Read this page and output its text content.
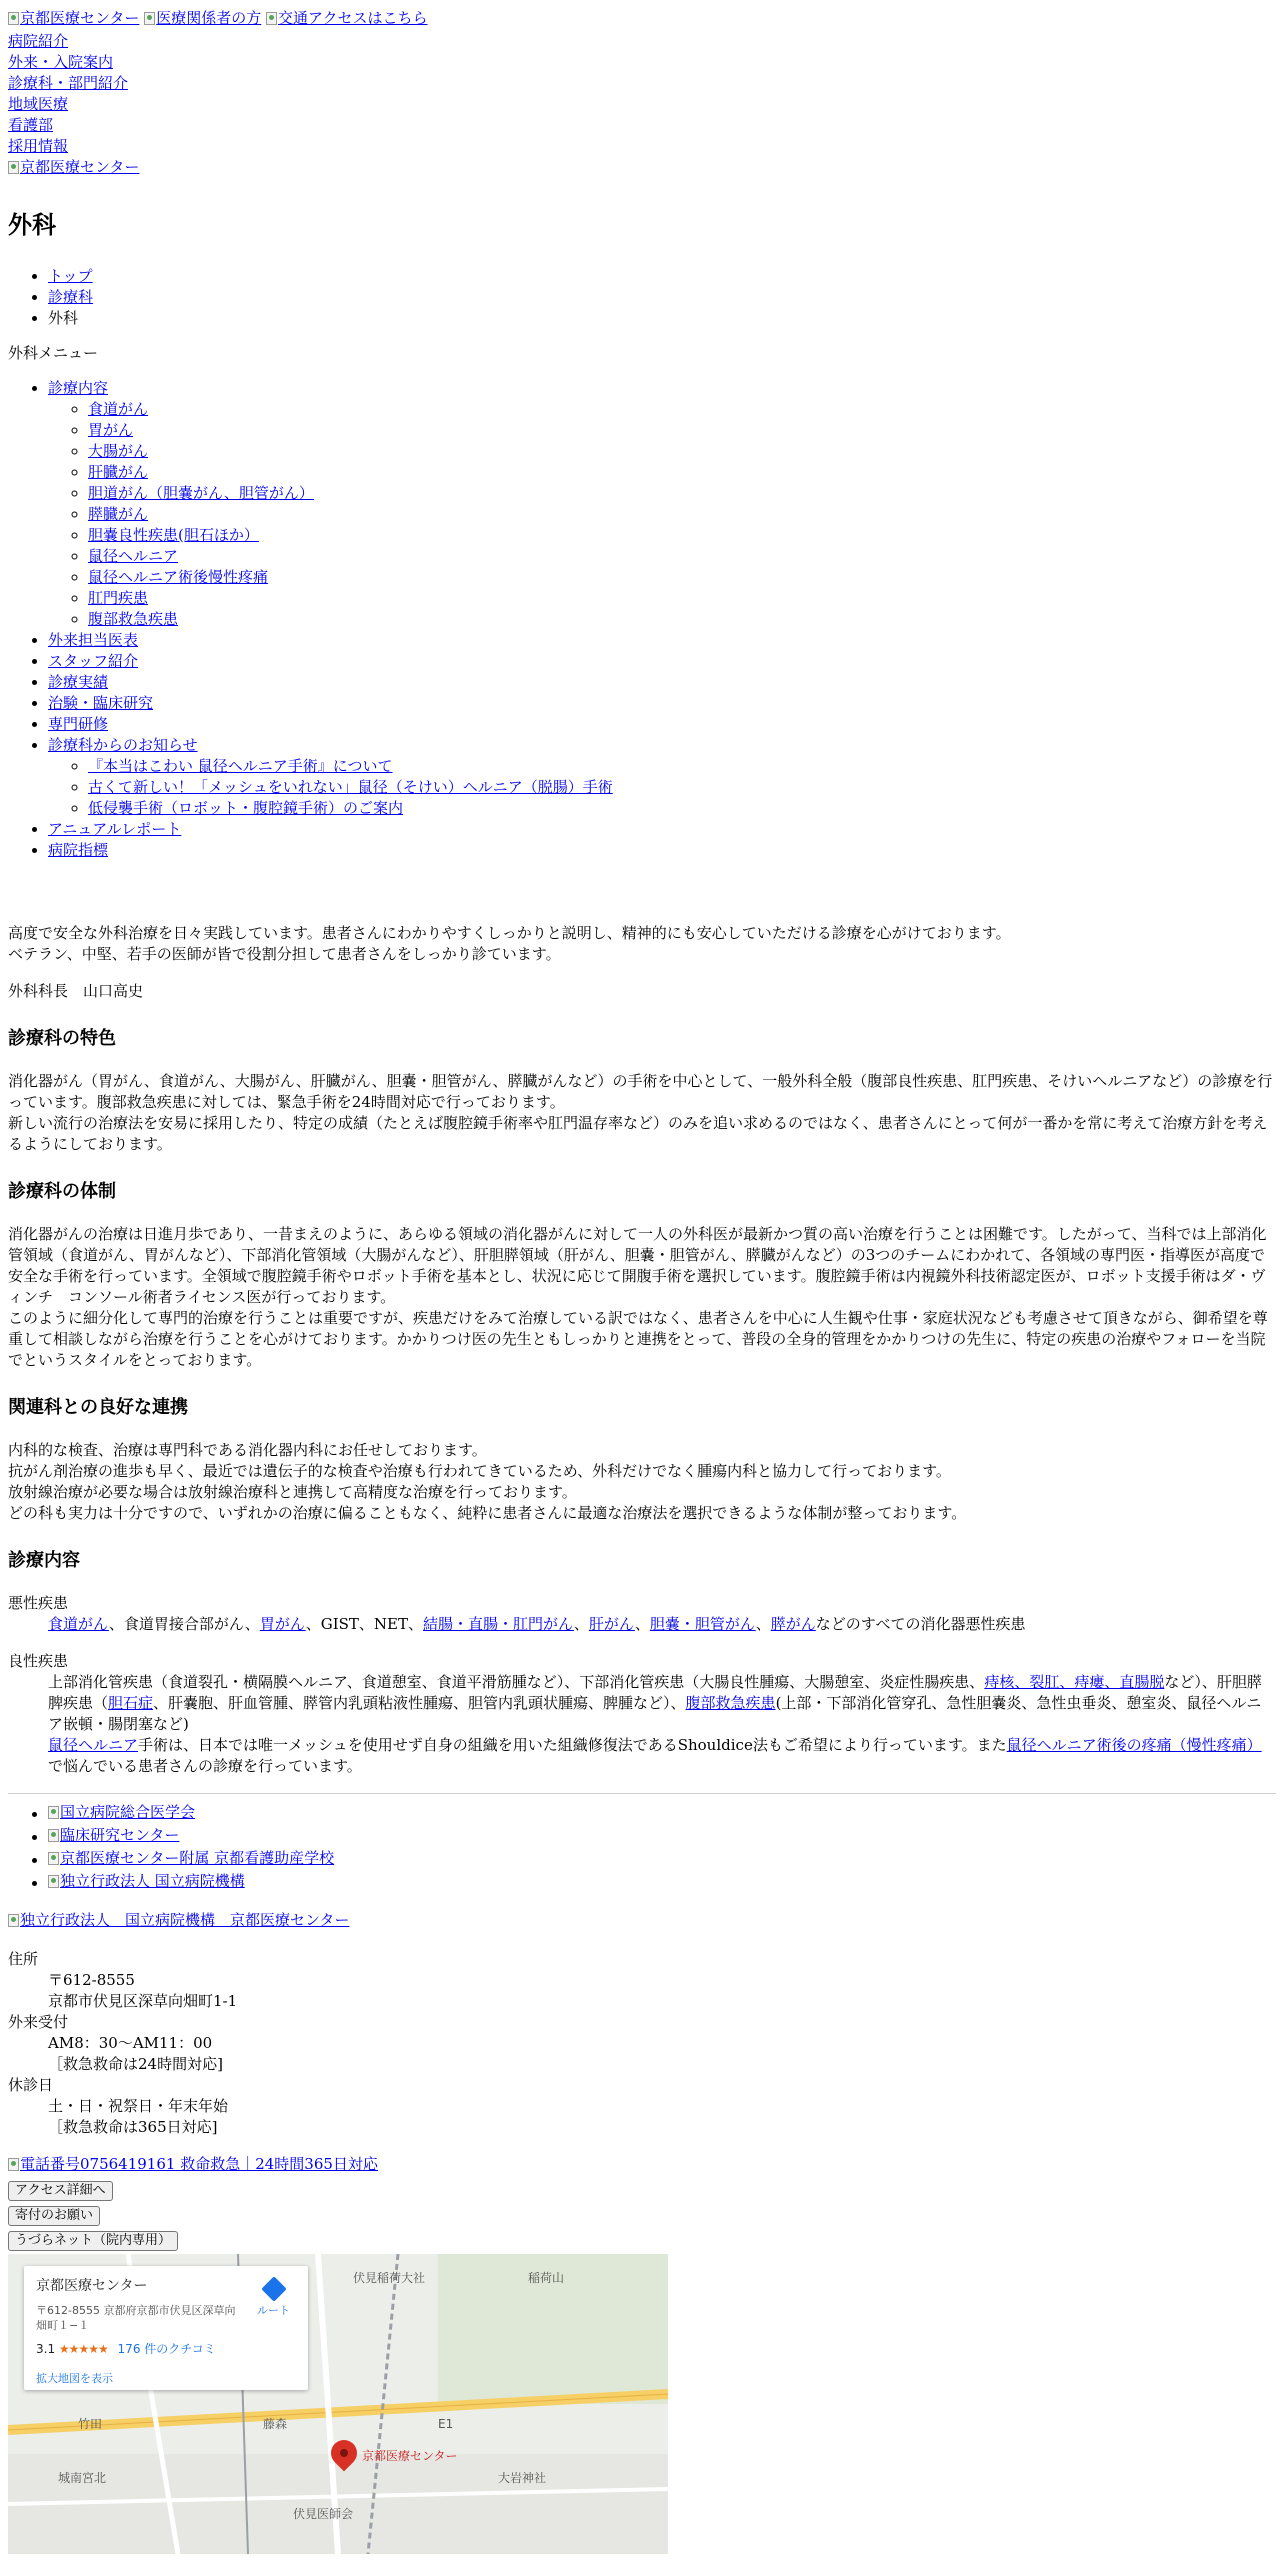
京都医療センター
医療関係者の方
交通アクセスはこちら
病院紹介
外来・入院案内
診療科・部門紹介
地域医療
看護部
採用情報
京都医療センター
外科
• トップ
• 診療科
• 外科

外科メニュー

• 診療内容
◦ 食道がん
◦ 胃がん
◦ 大腸がん
◦ 肝臓がん
◦ 胆道がん（胆嚢がん、胆管がん）
◦ 膵臓がん
◦ 胆嚢良性疾患(胆石ほか）
◦ 鼠径ヘルニア
◦ 鼠径ヘルニア術後慢性疼痛
◦ 肛門疾患
◦ 腹部救急疾患
• 外来担当医表
• スタッフ紹介
• 診療実績
• 治験・臨床研究
• 専門研修
• 診療科からのお知らせ
◦ 『本当はこわい 鼠径ヘルニア手術』について
◦ 古くて新しい！「メッシュをいれない」鼠径（そけい）ヘルニア（脱腸）手術
◦ 低侵襲手術（ロボット・腹腔鏡手術）のご案内
• アニュアルレポート
• 病院指標

高度で安全な外科治療を日々実践しています。患者さんにわかりやすくしっかりと説明し、精神的にも安心していただける診療を心がけております。
ベテラン、中堅、若手の医師が皆で役割分担して患者さんをしっかり診ています。

外科科長　山口高史

診療科の特色

消化器がん（胃がん、食道がん、大腸がん、肝臓がん、胆嚢・胆管がん、膵臓がんなど）の手術を中心として、一般外科全般（腹部良性疾患、肛門疾患、そけいヘルニアなど）の診療を行っています。腹部救急疾患に対しては、緊急手術を24時間対応で行っております。
新しい流行の治療法を安易に採用したり、特定の成績（たとえば腹腔鏡手術率や肛門温存率など）のみを追い求めるのではなく、患者さんにとって何が一番かを常に考えて治療方針を考えるようにしております。

診療科の体制

消化器がんの治療は日進月歩であり、一昔まえのように、あらゆる領域の消化器がんに対して一人の外科医が最新かつ質の高い治療を行うことは困難です。したがって、当科では上部消化管領域（食道がん、胃がんなど）、下部消化管領域（大腸がんなど）、肝胆膵領域（肝がん、胆嚢・胆管がん、膵臓がんなど）の3つのチームにわかれて、各領域の専門医・指導医が高度で安全な手術を行っています。全領域で腹腔鏡手術やロボット手術を基本とし、状況に応じて開腹手術を選択しています。腹腔鏡手術は内視鏡外科技術認定医が、ロボット支援手術はダ・ヴィンチ　コンソール術者ライセンス医が行っております。
このように細分化して専門的治療を行うことは重要ですが、疾患だけをみて治療している訳ではなく、患者さんを中心に人生観や仕事・家庭状況なども考慮させて頂きながら、御希望を尊重して相談しながら治療を行うことを心がけております。かかりつけ医の先生ともしっかりと連携をとって、普段の全身的管理をかかりつけの先生に、特定の疾患の治療やフォローを当院でというスタイルをとっております。

関連科との良好な連携

内科的な検査、治療は専門科である消化器内科にお任せしております。
抗がん剤治療の進歩も早く、最近では遺伝子的な検査や治療も行われてきているため、外科だけでなく腫瘍内科と協力して行っております。
放射線治療が必要な場合は放射線治療科と連携して高精度な治療を行っております。
どの科も実力は十分ですので、いずれかの治療に偏ることもなく、純粋に患者さんに最適な治療法を選択できるような体制が整っております。

診療内容
悪性疾患
食道がん、食道胃接合部がん、胃がん、GIST、NET、結腸・直腸・肛門がん、肝がん、胆嚢・胆管がん、膵がんなどのすべての消化器悪性疾患
良性疾患
上部消化管疾患（食道裂孔・横隔膜ヘルニア、食道憩室、食道平滑筋腫など）、下部消化管疾患（大腸良性腫瘍、大腸憩室、炎症性腸疾患、痔核、裂肛、痔瘻、直腸脱など）、肝胆膵脾疾患（胆石症、肝嚢胞、肝血管腫、膵管内乳頭粘液性腫瘍、胆管内乳頭状腫瘍、脾腫など）、腹部救急疾患(上部・下部消化管穿孔、急性胆嚢炎、急性虫垂炎、憩室炎、鼠径ヘルニア嵌頓・腸閉塞など)
鼠径ヘルニア手術は、日本では唯一メッシュを使用せず自身の組織を用いた組織修復法であるShouldice法もご希望により行っています。また鼠径ヘルニア術後の疼痛（慢性疼痛）で悩んでいる患者さんの診療を行っています。
• 国立病院総合医学会
• 臨床研究センター
• 京都医療センター附属 京都看護助産学校
• 独立行政法人 国立病院機構

独立行政法人　国立病院機構　京都医療センター

住所
〒612-8555
京都市伏見区深草向畑町1-1
外来受付
AM8：30～AM11：00
［救急救命は24時間対応]
休診日
土・日・祝祭日・年末年始
［救急救命は365日対応]

電話番号0756419161 救命救急｜24時間365日対応

アクセス詳細へ
寄付のお願い
うづらネット（院内専用）
伏見稲荷大社	稲荷山
大岩神社
伏見医師会
竹田	藤森
城南宮北
E1
京都医療センター
京都医療センター
〒612-8555 京都府京都市伏見区深草向畑町１−１
3.1 ★★★★★ 176 件のクチコミ
拡大地図を表示
ルート
